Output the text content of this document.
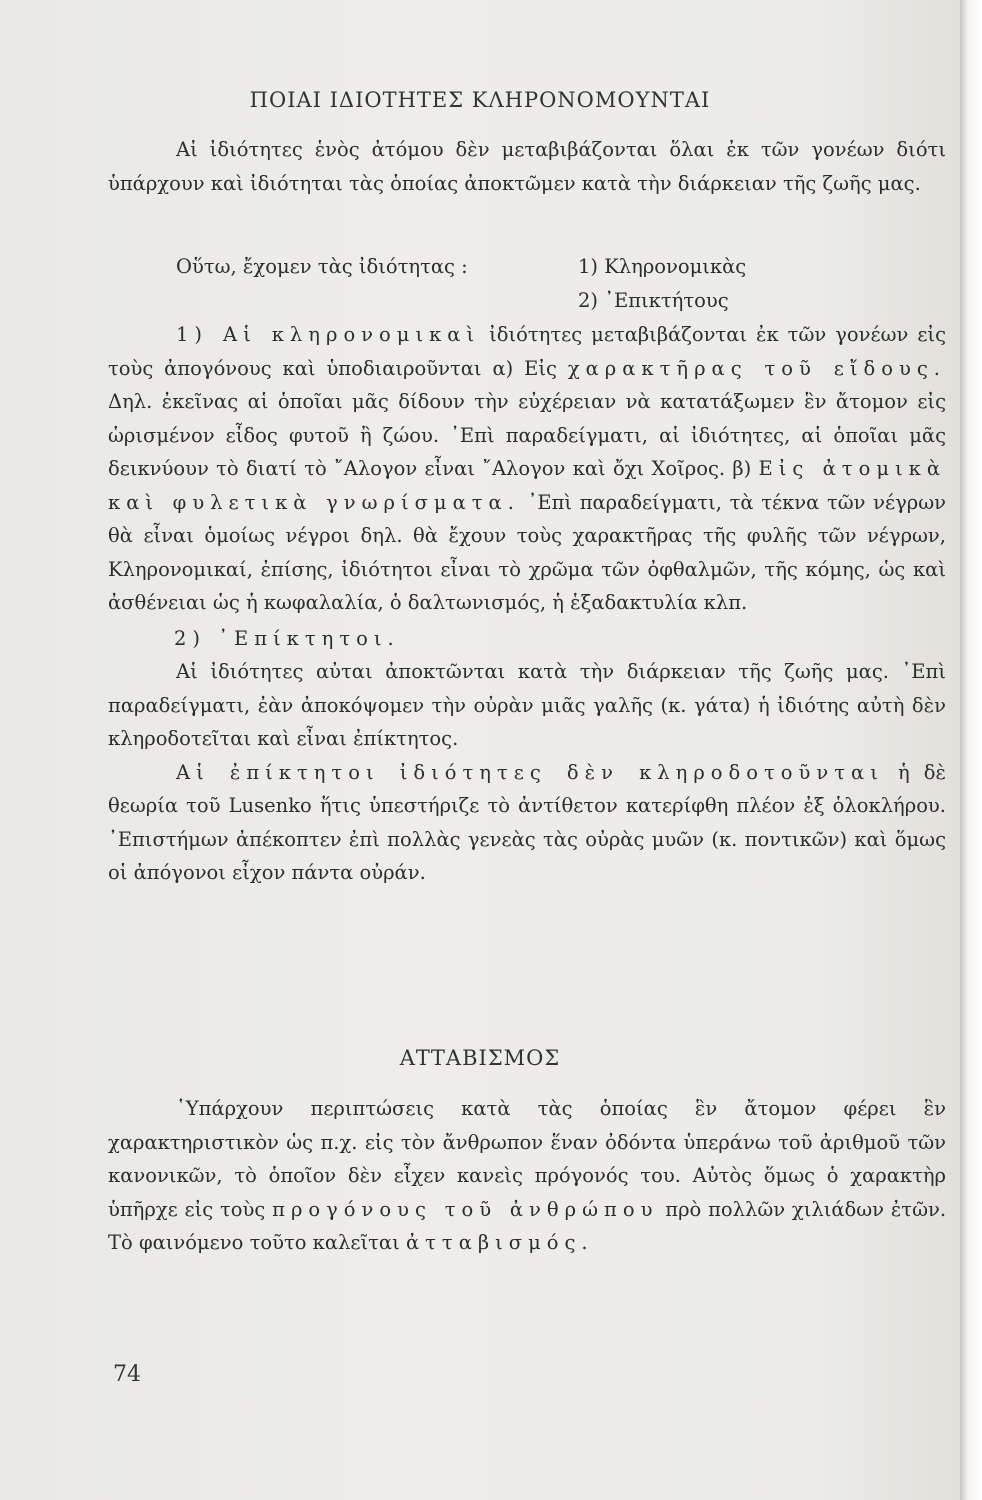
ΠΟΙΑΙ ΙΔΙΟΤΗΤΕΣ ΚΛΗΡΟΝΟΜΟΥΝΤΑΙ

Αἱ ἰδιότητες ἑνὸς ἀτόμου δὲν μεταβιβάζονται ὅλαι ἐκ τῶν γονέων διότι ὑπάρχουν καὶ ἰδιότηται τὰς ὁποίας ἀποκτῶμεν κατὰ τὴν διάρκειαν τῆς ζωῆς μας.

Οὕτω, ἔχομεν τὰς ἰδιότητας :	1) Κληρονομικὰς
2) ᾿Επικτήτους

1) Αἱ κληρονομικαὶ ἰδιότητες μεταβιβάζονται ἐκ τῶν γονέων εἰς τοὺς ἀπογόνους καὶ ὑποδιαιροῦνται α) Εἰς χαρακτῆρας τοῦ εἴδους. Δηλ. ἐκεῖνας αἱ ὁποῖαι μᾶς δίδουν τὴν εὐχέρειαν νὰ κατατάξωμεν ἓν ἄτομον εἰς ὡρισμένον εἶδος φυτοῦ ἢ ζώου. ᾿Επὶ παραδείγματι, αἱ ἰδιότητες, αἱ ὁποῖαι μᾶς δεικνύουν τὸ διατί τὸ ῎Αλογον εἶναι ῎Αλογον καὶ ὄχι Χοῖρος. β) Εἰς ἀτομικὰ καὶ φυλετικὰ γνωρίσματα. ᾿Επὶ παραδείγματι, τὰ τέκνα τῶν νέγρων θὰ εἶναι ὁμοίως νέγροι δηλ. θὰ ἔχουν τοὺς χαρακτῆρας τῆς φυλῆς τῶν νέγρων, Κληρονομικαί, ἐπίσης, ἰδιότητοι εἶναι τὸ χρῶμα τῶν ὀφθαλμῶν, τῆς κόμης, ὡς καὶ ἀσθένειαι ὡς ἡ κωφαλαλία, ὁ δαλτωνισμός, ἡ ἑξαδακτυλία κλπ.

2) ᾿Επίκτητοι.

Αἱ ἰδιότητες αὐται ἀποκτῶνται κατὰ τὴν διάρκειαν τῆς ζωῆς μας. ᾿Επὶ παραδείγματι, ἐὰν ἀποκόψομεν τὴν οὐρὰν μιᾶς γαλῆς (κ. γάτα) ἡ ἰδιότης αὐτὴ δὲν κληροδοτεῖται καὶ εἶναι ἐπίκτητος.

Αἱ ἐπίκτητοι ἰδιότητες δὲν κληροδοτοῦνται ἡ δὲ θεωρία τοῦ Lusenko ἥτις ὑπεστήριζε τὸ ἀντίθετον κατερίφθη πλέον ἐξ ὁλοκλήρου. ᾿Επιστήμων ἀπέκοπτεν ἐπὶ πολλὰς γενεὰς τὰς οὐρὰς μυῶν (κ. ποντικῶν) καὶ ὅμως οἱ ἀπόγονοι εἶχον πάντα οὐράν.

ΑΤΤΑΒΙΣΜΟΣ

῾Υπάρχουν περιπτώσεις κατὰ τὰς ὁποίας ἓν ἄτομον φέρει ἓν χαρακτηριστικὸν ὡς π.χ. εἰς τὸν ἄνθρωπον ἕναν ὀδόντα ὑπεράνω τοῦ ἀριθμοῦ τῶν κανονικῶν, τὸ ὁποῖον δὲν εἶχεν κανεὶς πρόγονός του. Αὐτὸς ὅμως ὁ χαρακτὴρ ὑπῆρχε εἰς τοὺς προγόνους τοῦ ἀνθρώπου πρὸ πολλῶν χιλιάδων ἐτῶν. Τὸ φαινόμενο τοῦτο καλεῖται ἀτταβισμός.

74
